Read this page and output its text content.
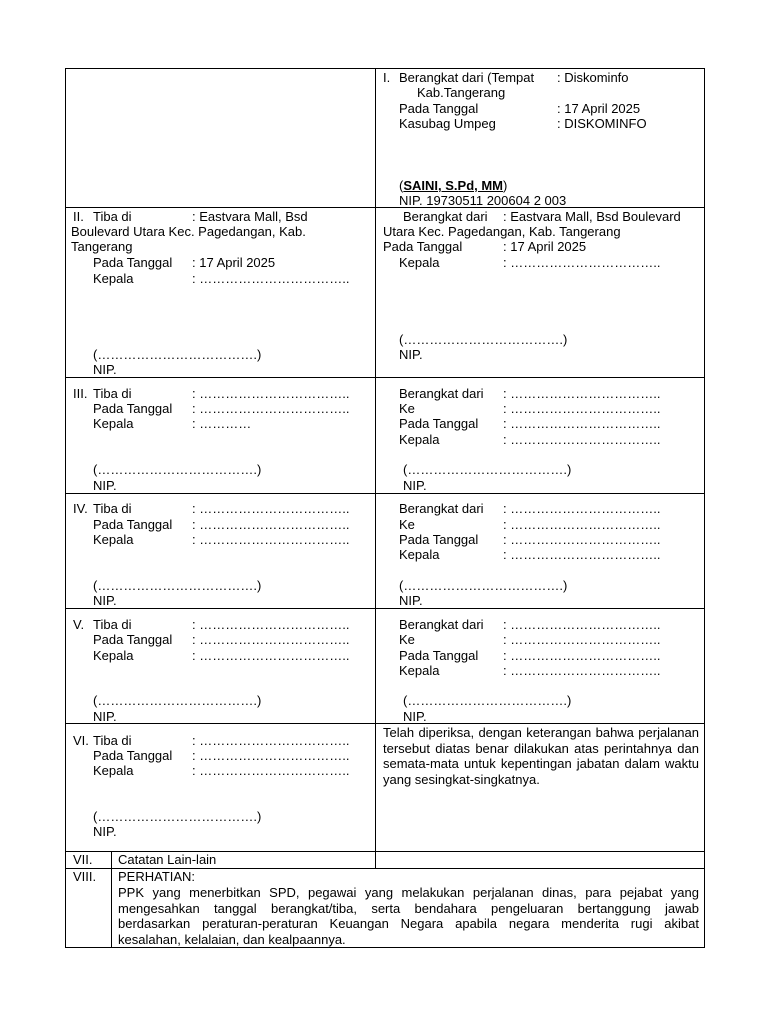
I. Berangkat dari (Tempat : Diskominfo
Kab.Tangerang
Pada Tanggal	: 17 April 2025
Kasubag Umpeg	: DISKOMINFO
(SAINI, S.Pd, MM)
NIP. 19730511 200604 2 003
II. Tiba di	: Eastvara Mall, Bsd
Boulevard Utara Kec. Pagedangan, Kab.
Tangerang
Pada Tanggal : 17 April 2025
Kepala	: ……………………………..
(……………………………….)
NIP.
Berangkat dari : Eastvara Mall, Bsd Boulevard
Utara Kec. Pagedangan, Kab. Tangerang
Pada Tanggal	: 17 April 2025
Kepala	: ……………………………..
(……………………………….)
NIP.
III. Tiba di	: ……………………………..
Pada Tanggal : ……………………………..
Kepala	: …………
(……………………………….)
NIP.
Berangkat dari : ……………………………..
Ke	: ……………………………..
Pada Tanggal : ……………………………..
Kepala	: ……………………………..
(……………………………….)
NIP.
IV. Tiba di	: ……………………………..
Pada Tanggal : ……………………………..
Kepala	: ……………………………..
(……………………………….)
NIP.
Berangkat dari : ……………………………..
Ke	: ……………………………..
Pada Tanggal : ……………………………..
Kepala	: ……………………………..
(……………………………….)
NIP.
V. Tiba di	: ……………………………..
Pada Tanggal : ……………………………..
Kepala	: ……………………………..
(……………………………….)
NIP.
Berangkat dari : ……………………………..
Ke	: ……………………………..
Pada Tanggal : ……………………………..
Kepala	: ……………………………..
(……………………………….)
NIP.
VI. Tiba di	: ……………………………..
Pada Tanggal : ……………………………..
Kepala	: ……………………………..
(……………………………….)
NIP.
Telah diperiksa, dengan keterangan bahwa perjalanan tersebut diatas benar dilakukan atas perintahnya dan semata-mata untuk kepentingan jabatan dalam waktu yang sesingkat-singkatnya.
VII. Catatan Lain-lain
VIII. PERHATIAN:
PPK yang menerbitkan SPD, pegawai yang melakukan perjalanan dinas, para pejabat yang mengesahkan tanggal berangkat/tiba, serta bendahara pengeluaran bertanggung jawab berdasarkan peraturan-peraturan Keuangan Negara apabila negara menderita rugi akibat kesalahan, kelalaian, dan kealpaannya.
